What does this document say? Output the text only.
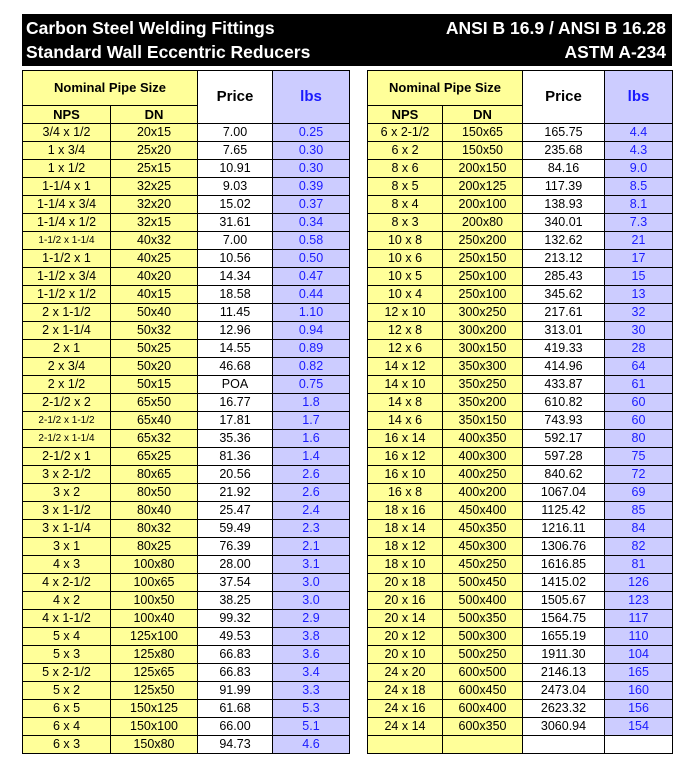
Carbon Steel Welding Fittings
Standard Wall Eccentric Reducers
ANSI B 16.9 / ANSI B 16.28
ASTM A-234
Nominal Pipe Size		Price	lbs
NPS	DN		
3/4 x 1/2	20x15	7.00	0.25
1 x 3/4	25x20	7.65	0.30
1 x 1/2	25x15	10.91	0.30
1-1/4 x 1	32x25	9.03	0.39
1-1/4 x 3/4	32x20	15.02	0.37
1-1/4 x 1/2	32x15	31.61	0.34
1-1/2 x 1-1/4	40x32	7.00	0.58
1-1/2 x 1	40x25	10.56	0.50
1-1/2 x 3/4	40x20	14.34	0.47
1-1/2 x 1/2	40x15	18.58	0.44
2 x 1-1/2	50x40	11.45	1.10
2 x 1-1/4	50x32	12.96	0.94
2 x 1	50x25	14.55	0.89
2 x 3/4	50x20	46.68	0.82
2 x 1/2	50x15	POA	0.75
2-1/2 x 2	65x50	16.77	1.8
2-1/2 x 1-1/2	65x40	17.81	1.7
2-1/2 x 1-1/4	65x32	35.36	1.6
2-1/2 x 1	65x25	81.36	1.4
3 x 2-1/2	80x65	20.56	2.6
3 x 2	80x50	21.92	2.6
3 x 1-1/2	80x40	25.47	2.4
3 x 1-1/4	80x32	59.49	2.3
3 x 1	80x25	76.39	2.1
4 x 3	100x80	28.00	3.1
4 x 2-1/2	100x65	37.54	3.0
4 x 2	100x50	38.25	3.0
4 x 1-1/2	100x40	99.32	2.9
5 x 4	125x100	49.53	3.8
5 x 3	125x80	66.83	3.6
5 x 2-1/2	125x65	66.83	3.4
5 x 2	125x50	91.99	3.3
6 x 5	150x125	61.68	5.3
6 x 4	150x100	66.00	5.1
6 x 3	150x80	94.73	4.6
Nominal Pipe Size		Price	lbs
NPS	DN		
6 x 2-1/2	150x65	165.75	4.4
6 x 2	150x50	235.68	4.3
8 x 6	200x150	84.16	9.0
8 x 5	200x125	117.39	8.5
8 x 4	200x100	138.93	8.1
8 x 3	200x80	340.01	7.3
10 x 8	250x200	132.62	21
10 x 6	250x150	213.12	17
10 x 5	250x100	285.43	15
10 x 4	250x100	345.62	13
12 x 10	300x250	217.61	32
12 x 8	300x200	313.01	30
12 x 6	300x150	419.33	28
14 x 12	350x300	414.96	64
14 x 10	350x250	433.87	61
14 x 8	350x200	610.82	60
14 x 6	350x150	743.93	60
16 x 14	400x350	592.17	80
16 x 12	400x300	597.28	75
16 x 10	400x250	840.62	72
16 x 8	400x200	1067.04	69
18 x 16	450x400	1125.42	85
18 x 14	450x350	1216.11	84
18 x 12	450x300	1306.76	82
18 x 10	450x250	1616.85	81
20 x 18	500x450	1415.02	126
20 x 16	500x400	1505.67	123
20 x 14	500x350	1564.75	117
20 x 12	500x300	1655.19	110
20 x 10	500x250	1911.30	104
24 x 20	600x500	2146.13	165
24 x 18	600x450	2473.04	160
24 x 16	600x400	2623.32	156
24 x 14	600x350	3060.94	154
